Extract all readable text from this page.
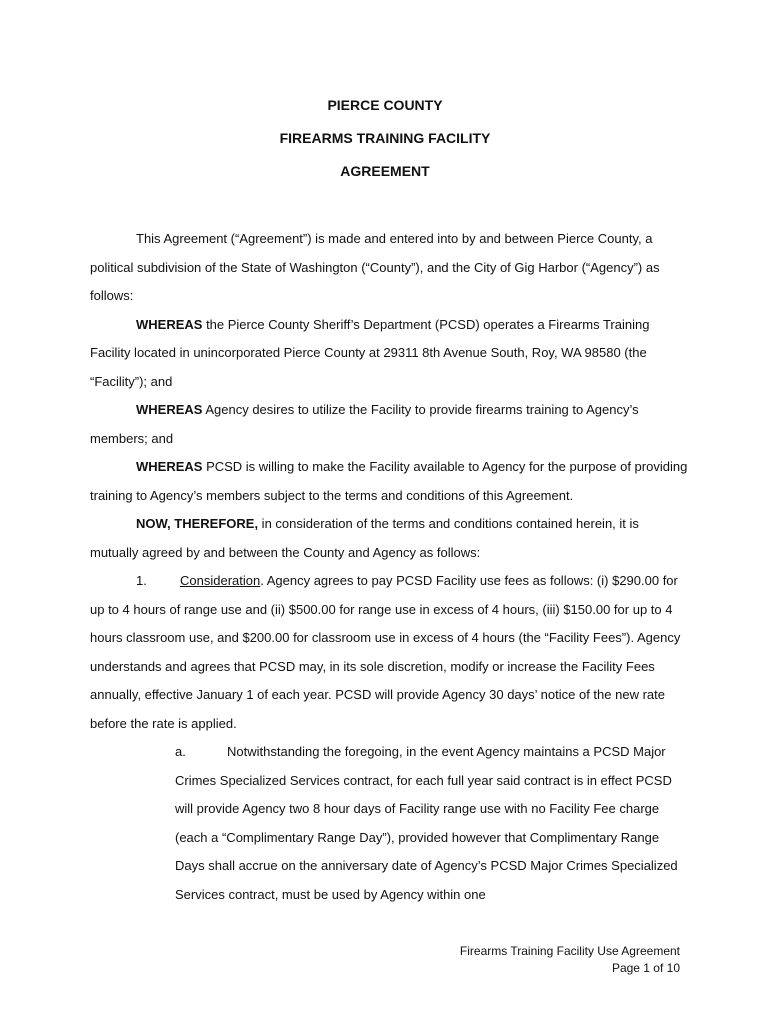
PIERCE COUNTY
FIREARMS TRAINING FACILITY
AGREEMENT

This Agreement (“Agreement”) is made and entered into by and between Pierce County, a political subdivision of the State of Washington (“County”), and the City of Gig Harbor (“Agency”) as follows:

WHEREAS the Pierce County Sheriff’s Department (PCSD) operates a Firearms Training Facility located in unincorporated Pierce County at 29311 8th Avenue South, Roy, WA 98580 (the “Facility”); and

WHEREAS Agency desires to utilize the Facility to provide firearms training to Agency’s members; and

WHEREAS PCSD is willing to make the Facility available to Agency for the purpose of providing training to Agency’s members subject to the terms and conditions of this Agreement.

NOW, THEREFORE, in consideration of the terms and conditions contained herein, it is mutually agreed by and between the County and Agency as follows:

1.	Consideration. Agency agrees to pay PCSD Facility use fees as follows: (i) $290.00 for up to 4 hours of range use and (ii) $500.00 for range use in excess of 4 hours, (iii) $150.00 for up to 4 hours classroom use, and $200.00 for classroom use in excess of 4 hours (the “Facility Fees”). Agency understands and agrees that PCSD may, in its sole discretion, modify or increase the Facility Fees annually, effective January 1 of each year. PCSD will provide Agency 30 days’ notice of the new rate before the rate is applied.

a.	Notwithstanding the foregoing, in the event Agency maintains a PCSD Major Crimes Specialized Services contract, for each full year said contract is in effect PCSD will provide Agency two 8 hour days of Facility range use with no Facility Fee charge (each a “Complimentary Range Day”), provided however that Complimentary Range Days shall accrue on the anniversary date of Agency’s PCSD Major Crimes Specialized Services contract, must be used by Agency within one

Firearms Training Facility Use Agreement
Page 1 of 10
